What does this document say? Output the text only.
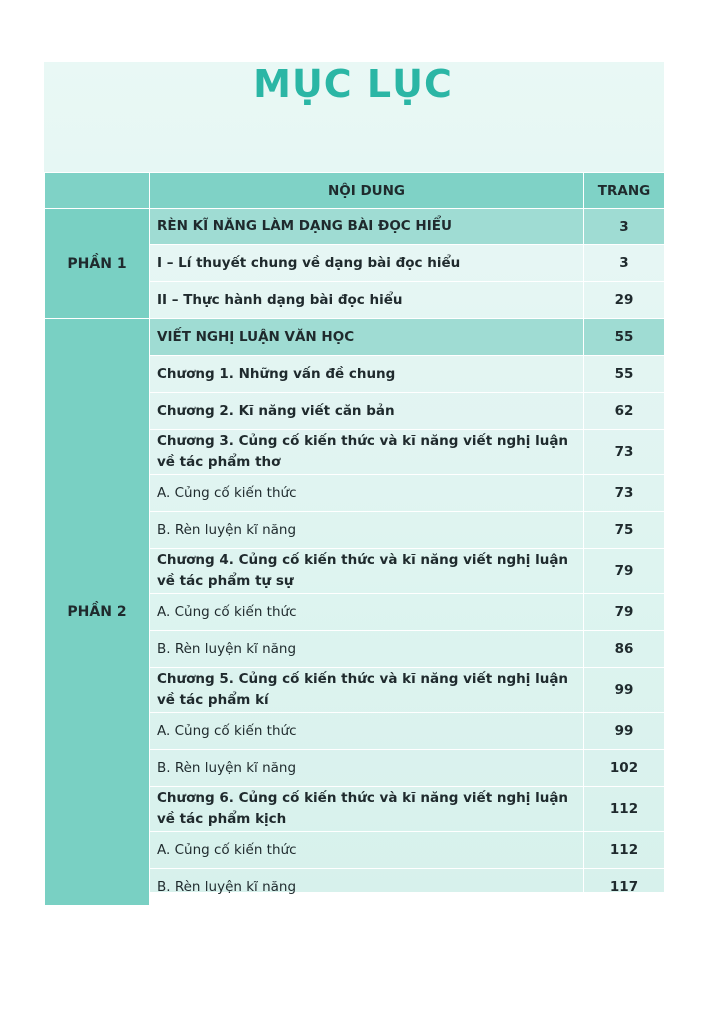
MỤC LỤC
	NỘI DUNG	TRANG
PHẦN 1	RÈN KĨ NĂNG LÀM DẠNG BÀI ĐỌC HIỂU	3
	I – Lí thuyết chung về dạng bài đọc hiểu	3
	II – Thực hành dạng bài đọc hiểu	29
PHẦN 2	VIẾT NGHỊ LUẬN VĂN HỌC	55
	Chương 1. Những vấn đề chung	55
	Chương 2. Kĩ năng viết căn bản	62
	Chương 3. Củng cố kiến thức và kĩ năng viết nghị luận về tác phẩm thơ	73
	A. Củng cố kiến thức	73
	B. Rèn luyện kĩ năng	75
	Chương 4. Củng cố kiến thức và kĩ năng viết nghị luận về tác phẩm tự sự	79
	A. Củng cố kiến thức	79
	B. Rèn luyện kĩ năng	86
	Chương 5. Củng cố kiến thức và kĩ năng viết nghị luận về tác phẩm kí	99
	A. Củng cố kiến thức	99
	B. Rèn luyện kĩ năng	102
	Chương 6. Củng cố kiến thức và kĩ năng viết nghị luận về tác phẩm kịch	112
	A. Củng cố kiến thức	112
	B. Rèn luyện kĩ năng	117
